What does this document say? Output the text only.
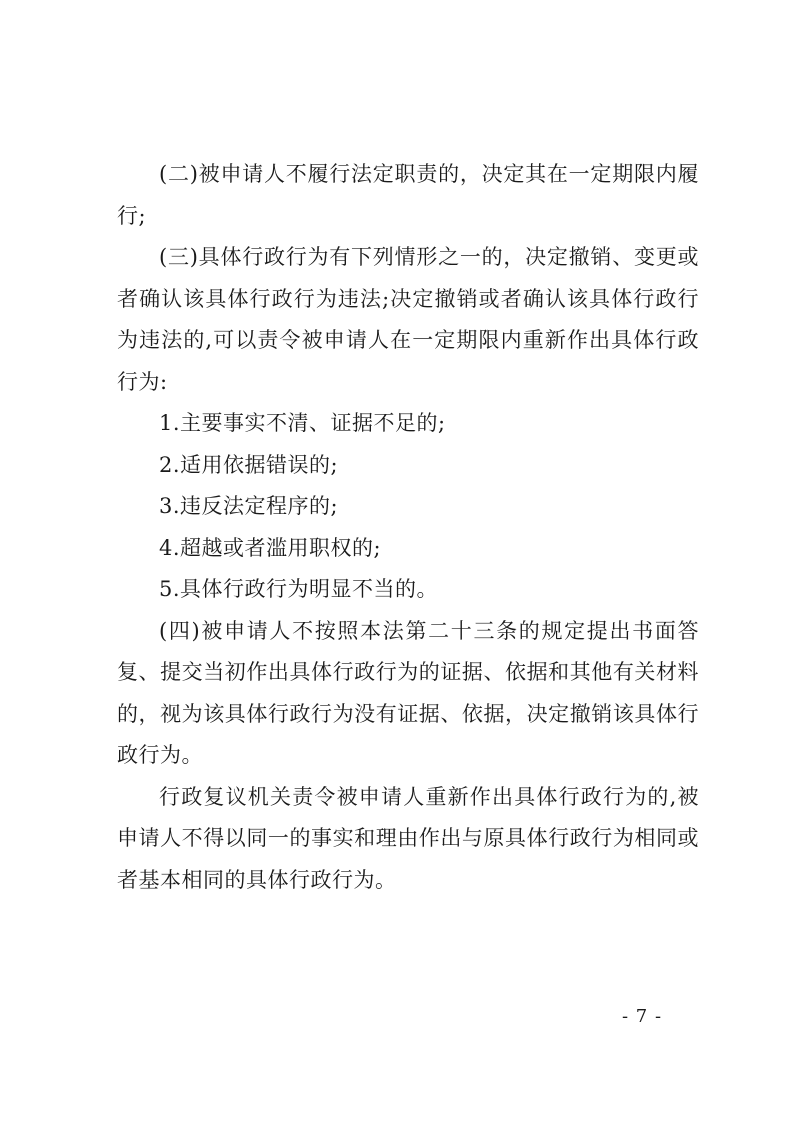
(二)被申请人不履行法定职责的，决定其在一定期限内履行;

(三)具体行政行为有下列情形之一的，决定撤销、变更或者确认该具体行政行为违法;决定撤销或者确认该具体行政行为违法的,可以责令被申请人在一定期限内重新作出具体行政行为:

1.主要事实不清、证据不足的;

2.适用依据错误的;

3.违反法定程序的;

4.超越或者滥用职权的;

5.具体行政行为明显不当的。

(四)被申请人不按照本法第二十三条的规定提出书面答复、提交当初作出具体行政行为的证据、依据和其他有关材料的，视为该具体行政行为没有证据、依据，决定撤销该具体行政行为。

行政复议机关责令被申请人重新作出具体行政行为的,被申请人不得以同一的事实和理由作出与原具体行政行为相同或者基本相同的具体行政行为。

- 7 -
